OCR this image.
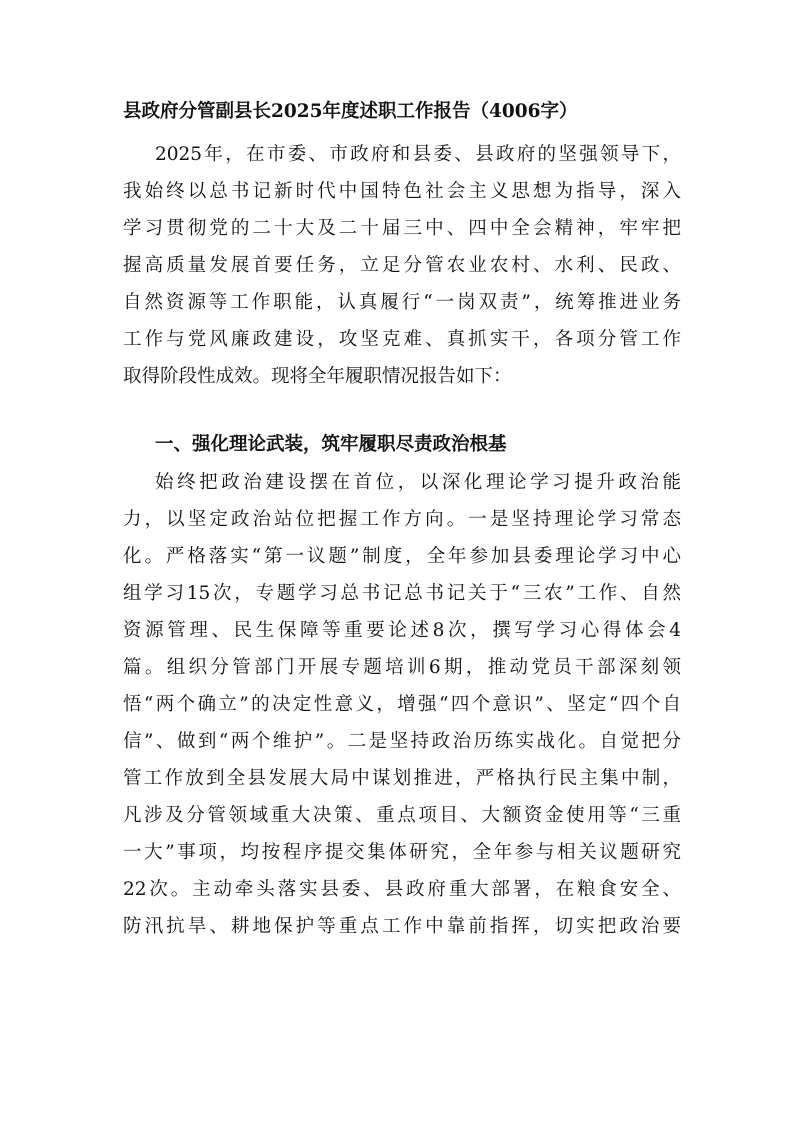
县政府分管副县长2025年度述职工作报告（4006字）
2025年，在市委、市政府和县委、县政府的坚强领导下，
我始终以总书记新时代中国特色社会主义思想为指导，深入
学习贯彻党的二十大及二十届三中、四中全会精神，牢牢把
握高质量发展首要任务，立足分管农业农村、水利、民政、
自然资源等工作职能，认真履行“一岗双责”，统筹推进业务
工作与党风廉政建设，攻坚克难、真抓实干，各项分管工作
取得阶段性成效。现将全年履职情况报告如下：
一、强化理论武装，筑牢履职尽责政治根基
始终把政治建设摆在首位，以深化理论学习提升政治能
力，以坚定政治站位把握工作方向。一是坚持理论学习常态
化。严格落实“第一议题”制度，全年参加县委理论学习中心
组学习15次，专题学习总书记总书记关于“三农”工作、自然
资源管理、民生保障等重要论述8次，撰写学习心得体会4
篇。组织分管部门开展专题培训6期，推动党员干部深刻领
悟“两个确立”的决定性意义，增强“四个意识”、坚定“四个自
信”、做到“两个维护”。二是坚持政治历练实战化。自觉把分
管工作放到全县发展大局中谋划推进，严格执行民主集中制，
凡涉及分管领域重大决策、重点项目、大额资金使用等“三重
一大”事项，均按程序提交集体研究，全年参与相关议题研究
22次。主动牵头落实县委、县政府重大部署，在粮食安全、
防汛抗旱、耕地保护等重点工作中靠前指挥，切实把政治要
